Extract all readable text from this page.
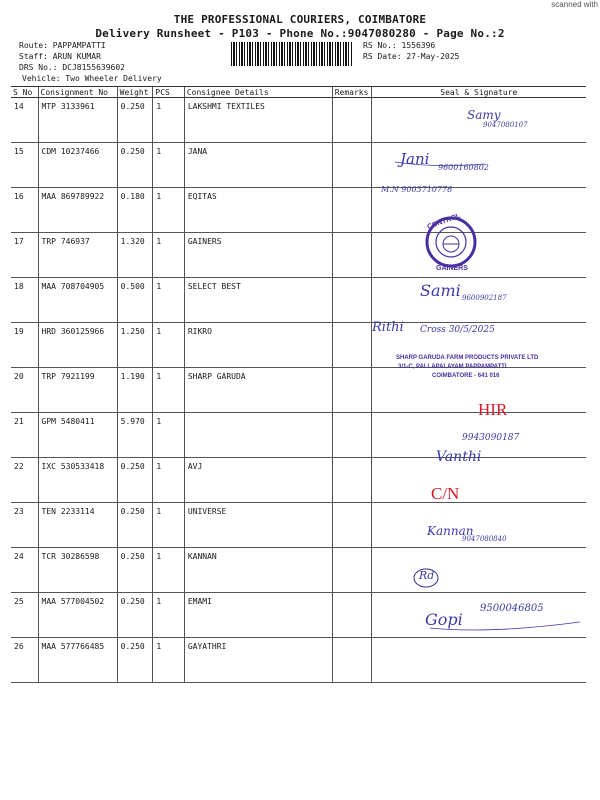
scanned with
THE PROFESSIONAL COURIERS, COIMBATORE
Delivery Runsheet - P103 - Phone No.:9047080280 - Page No.:2
Route: PAPPAMPATTI
Staff: ARUN KUMAR
DRS No.: DCJ8155639602
Vehicle: Two Wheeler Delivery
RS No.: 1556396
RS Date: 27-May-2025
S No	Consignment No	Weight	PCS	Consignee Details	Remarks	Seal & Signature
14	MTP 3133961	0.250	1	LAKSHMI TEXTILES		
15	CDM 10237466	0.250	1	JANA		
16	MAA 869789922	0.180	1	EQITAS		
17	TRP 746937	1.320	1	GAINERS		
18	MAA 708704905	0.500	1	SELECT BEST		
19	HRD 360125966	1.250	1	RIKRO		
20	TRP 7921199	1.190	1	SHARP GARUDA		
21	GPM 5480411	5.970	1			
22	IXC 530533418	0.250	1	AVJ		
23	TEN 2233114	0.250	1	UNIVERSE		
24	TCR 30286598	0.250	1	KANNAN		
25	MAA 577004502	0.250	1	EMAMI		
26	MAA 577766485	0.250	1	GAYATHRI		
CONTROL
GAINERS
Samy
9047080107
Jani 9600160802
M.N 9003710776
Sami 9600902187
Rithi Cross 30/5/2025
SHARP GARUDA FARM PRODUCTS PRIVATE LTD
3/1-C, PALLAPALAYAM PAPPAMPATTI
COIMBATORE - 641 016
HIR
9943090187
Vanthi
C/N
Kannan
9047080840
Rd
9500046805
Gopi
